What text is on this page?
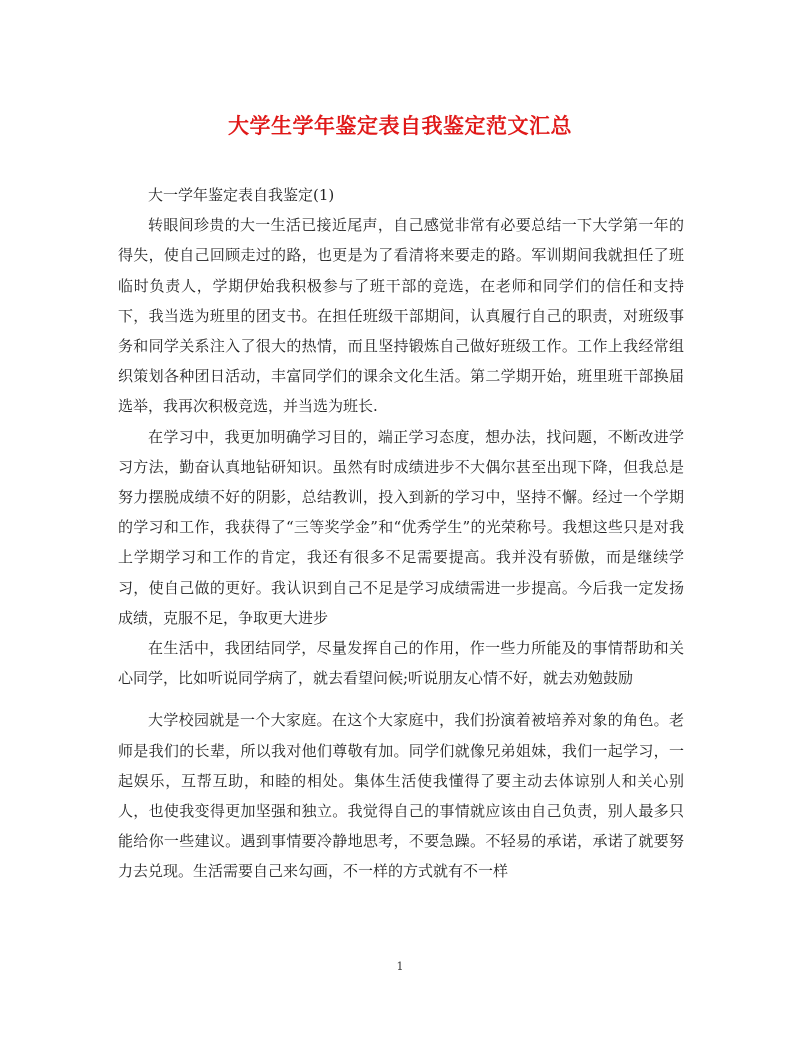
大学生学年鉴定表自我鉴定范文汇总

大一学年鉴定表自我鉴定(1)

转眼间珍贵的大一生活已接近尾声，自己感觉非常有必要总结一下大学第一年的得失，使自己回顾走过的路，也更是为了看清将来要走的路。军训期间我就担任了班临时负责人，学期伊始我积极参与了班干部的竞选，在老师和同学们的信任和支持下，我当选为班里的团支书。在担任班级干部期间，认真履行自己的职责，对班级事务和同学关系注入了很大的热情，而且坚持锻炼自己做好班级工作。工作上我经常组织策划各种团日活动，丰富同学们的课余文化生活。第二学期开始，班里班干部换届选举，我再次积极竞选，并当选为班长.

在学习中，我更加明确学习目的，端正学习态度，想办法，找问题，不断改进学习方法，勤奋认真地钻研知识。虽然有时成绩进步不大偶尔甚至出现下降，但我总是努力摆脱成绩不好的阴影，总结教训，投入到新的学习中，坚持不懈。经过一个学期的学习和工作，我获得了“三等奖学金”和“优秀学生”的光荣称号。我想这些只是对我上学期学习和工作的肯定，我还有很多不足需要提高。我并没有骄傲，而是继续学习，使自己做的更好。我认识到自己不足是学习成绩需进一步提高。今后我一定发扬成绩，克服不足，争取更大进步

在生活中，我团结同学，尽量发挥自己的作用，作一些力所能及的事情帮助和关心同学，比如听说同学病了，就去看望问候;听说朋友心情不好，就去劝勉鼓励

大学校园就是一个大家庭。在这个大家庭中，我们扮演着被培养对象的角色。老师是我们的长辈，所以我对他们尊敬有加。同学们就像兄弟姐妹，我们一起学习，一起娱乐，互帮互助，和睦的相处。集体生活使我懂得了要主动去体谅别人和关心别人，也使我变得更加坚强和独立。我觉得自己的事情就应该由自己负责，别人最多只能给你一些建议。遇到事情要冷静地思考，不要急躁。不轻易的承诺，承诺了就要努力去兑现。生活需要自己来勾画，不一样的方式就有不一样

1
